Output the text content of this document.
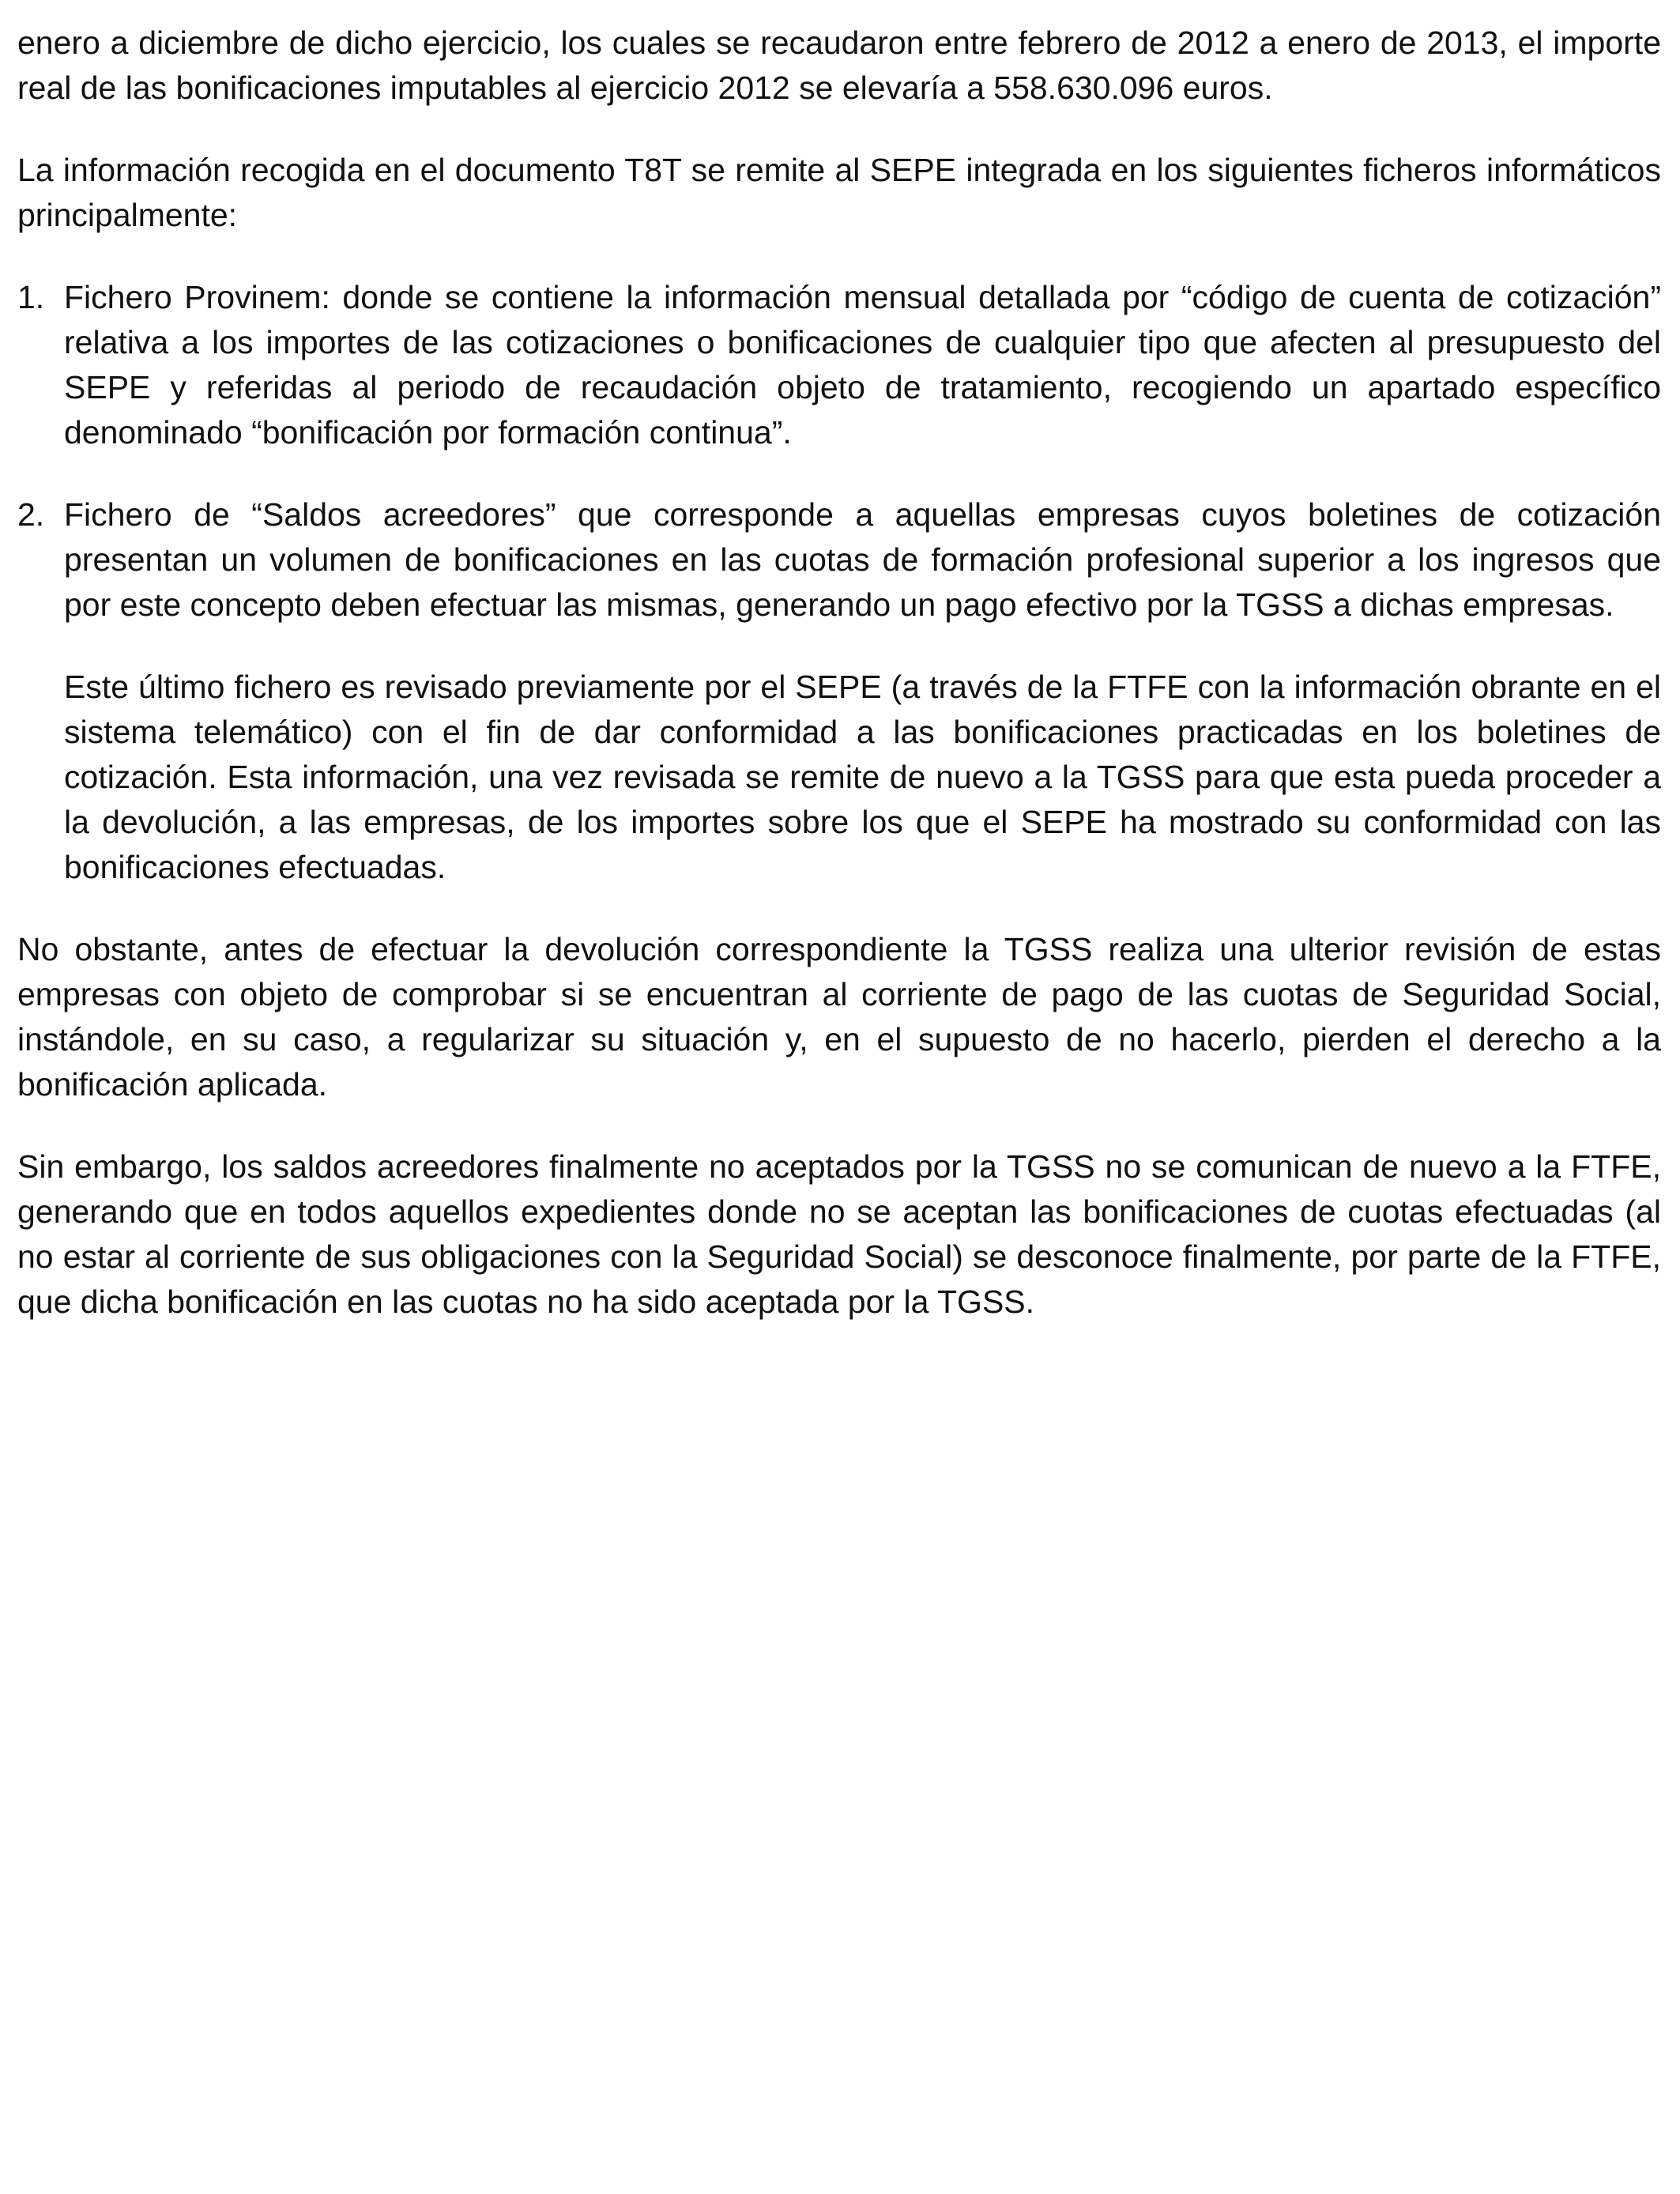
enero a diciembre de dicho ejercicio, los cuales se recaudaron entre febrero de 2012 a enero de 2013, el importe real de las bonificaciones imputables al ejercicio 2012 se elevaría a 558.630.096 euros.

La información recogida en el documento T8T se remite al SEPE integrada en los siguientes ficheros informáticos principalmente:

1. Fichero Provinem: donde se contiene la información mensual detallada por “código de cuenta de cotización” relativa a los importes de las cotizaciones o bonificaciones de cualquier tipo que afecten al presupuesto del SEPE y referidas al periodo de recaudación objeto de tratamiento, recogiendo un apartado específico denominado “bonificación por formación continua”.

2. Fichero de “Saldos acreedores” que corresponde a aquellas empresas cuyos boletines de cotización presentan un volumen de bonificaciones en las cuotas de formación profesional superior a los ingresos que por este concepto deben efectuar las mismas, generando un pago efectivo por la TGSS a dichas empresas.

Este último fichero es revisado previamente por el SEPE (a través de la FTFE con la información obrante en el sistema telemático) con el fin de dar conformidad a las bonificaciones practicadas en los boletines de cotización. Esta información, una vez revisada se remite de nuevo a la TGSS para que esta pueda proceder a la devolución, a las empresas, de los importes sobre los que el SEPE ha mostrado su conformidad con las bonificaciones efectuadas.

No obstante, antes de efectuar la devolución correspondiente la TGSS realiza una ulterior revisión de estas empresas con objeto de comprobar si se encuentran al corriente de pago de las cuotas de Seguridad Social, instándole, en su caso, a regularizar su situación y, en el supuesto de no hacerlo, pierden el derecho a la bonificación aplicada.

Sin embargo, los saldos acreedores finalmente no aceptados por la TGSS no se comunican de nuevo a la FTFE, generando que en todos aquellos expedientes donde no se aceptan las bonificaciones de cuotas efectuadas (al no estar al corriente de sus obligaciones con la Seguridad Social) se desconoce finalmente, por parte de la FTFE, que dicha bonificación en las cuotas no ha sido aceptada por la TGSS.
